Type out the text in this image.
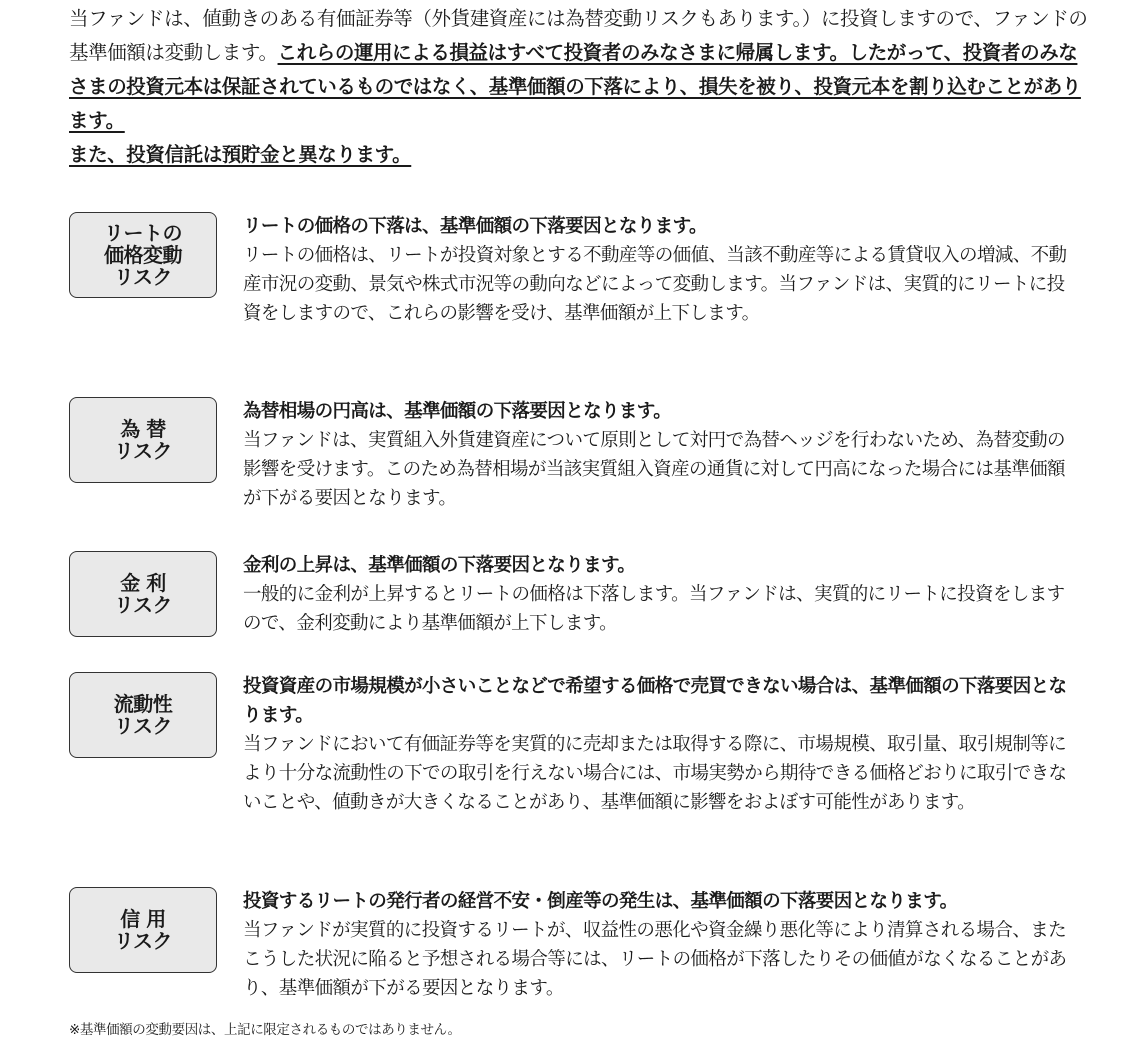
当ファンドは、値動きのある有価証券等（外貨建資産には為替変動リスクもあります。）に投資しますので、ファンドの基準価額は変動します。これらの運用による損益はすべて投資者のみなさまに帰属します。したがって、投資者のみなさまの投資元本は保証されているものではなく、基準価額の下落により、損失を被り、投資元本を割り込むことがあります。
また、投資信託は預貯金と異なります。
リートの
価格変動
リスク
リートの価格の下落は、基準価額の下落要因となります。
リートの価格は、リートが投資対象とする不動産等の価値、当該不動産等による賃貸収入の増減、不動産市況の変動、景気や株式市況等の動向などによって変動します。当ファンドは、実質的にリートに投資をしますので、これらの影響を受け、基準価額が上下します。
為 替
リスク
為替相場の円高は、基準価額の下落要因となります。
当ファンドは、実質組入外貨建資産について原則として対円で為替ヘッジを行わないため、為替変動の影響を受けます。このため為替相場が当該実質組入資産の通貨に対して円高になった場合には基準価額が下がる要因となります。
金 利
リスク
金利の上昇は、基準価額の下落要因となります。
一般的に金利が上昇するとリートの価格は下落します。当ファンドは、実質的にリートに投資をしますので、金利変動により基準価額が上下します。
流動性
リスク
投資資産の市場規模が小さいことなどで希望する価格で売買できない場合は、基準価額の下落要因となります。
当ファンドにおいて有価証券等を実質的に売却または取得する際に、市場規模、取引量、取引規制等により十分な流動性の下での取引を行えない場合には、市場実勢から期待できる価格どおりに取引できないことや、値動きが大きくなることがあり、基準価額に影響をおよぼす可能性があります。
信 用
リスク
投資するリートの発行者の経営不安・倒産等の発生は、基準価額の下落要因となります。
当ファンドが実質的に投資するリートが、収益性の悪化や資金繰り悪化等により清算される場合、またこうした状況に陥ると予想される場合等には、リートの価格が下落したりその価値がなくなることがあり、基準価額が下がる要因となります。
※基準価額の変動要因は、上記に限定されるものではありません。
